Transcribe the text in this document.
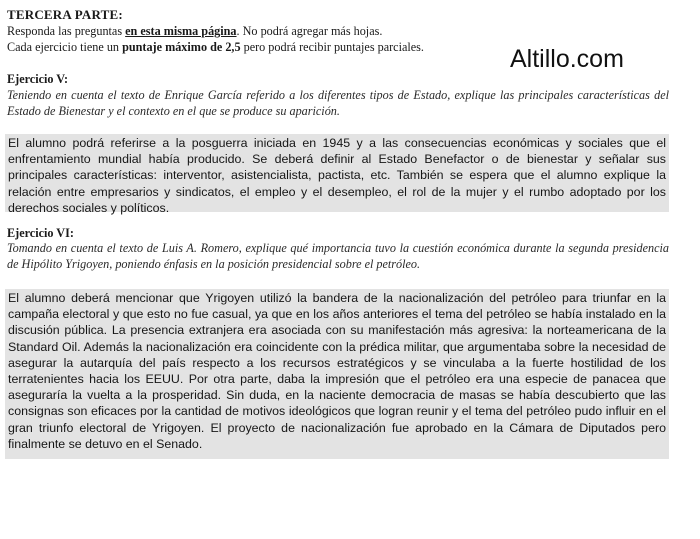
TERCERA PARTE:
Responda las preguntas en esta misma página. No podrá agregar más hojas.
Cada ejercicio tiene un puntaje máximo de 2,5 pero podrá recibir puntajes parciales.	Altillo.com
Ejercicio V:
Teniendo en cuenta el texto de Enrique García referido a los diferentes tipos de Estado, explique las principales características del Estado de Bienestar y el contexto en el que se produce su aparición.
El alumno podrá referirse a la posguerra iniciada en 1945 y a las consecuencias económicas y sociales que el enfrentamiento mundial había producido. Se deberá definir al Estado Benefactor o de bienestar y señalar sus principales características: interventor, asistencialista, pactista, etc. También se espera que el alumno explique la relación entre empresarios y sindicatos, el empleo y el desempleo, el rol de la mujer y el rumbo adoptado por los derechos sociales y políticos.
Ejercicio VI:
Tomando en cuenta el texto de Luis A. Romero, explique qué importancia tuvo la cuestión económica durante la segunda presidencia de Hipólito Yrigoyen, poniendo énfasis en la posición presidencial sobre el petróleo.
El alumno deberá mencionar que Yrigoyen utilizó la bandera de la nacionalización del petróleo para triunfar en la campaña electoral y que esto no fue casual, ya que en los años anteriores el tema del petróleo se había instalado en la discusión pública. La presencia extranjera era asociada con su manifestación más agresiva: la norteamericana de la Standard Oil. Además la nacionalización era coincidente con la prédica militar, que argumentaba sobre la necesidad de asegurar la autarquía del país respecto a los recursos estratégicos y se vinculaba a la fuerte hostilidad de los terratenientes hacia los EEUU. Por otra parte, daba la impresión que el petróleo era una especie de panacea que aseguraría la vuelta a la prosperidad. Sin duda, en la naciente democracia de masas se había descubierto que las consignas son eficaces por la cantidad de motivos ideológicos que logran reunir y el tema del petróleo pudo influir en el gran triunfo electoral de Yrigoyen. El proyecto de nacionalización fue aprobado en la Cámara de Diputados pero finalmente se detuvo en el Senado.
